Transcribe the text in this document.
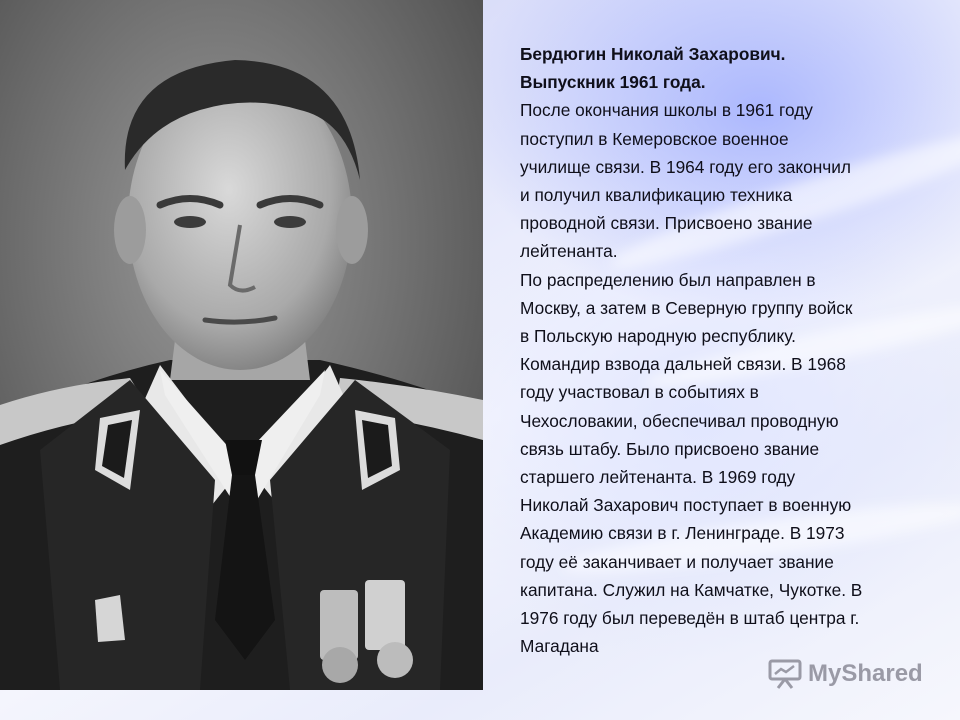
Бердюгин Николай Захарович.
Выпускник 1961 года.
После окончания школы в 1961 году
поступил в Кемеровское военное
училище связи. В 1964 году его закончил
и получил квалификацию техника
проводной связи. Присвоено звание
лейтенанта.
По распределению был направлен в
Москву, а затем в Северную группу войск
в Польскую народную республику.
Командир взвода дальней связи. В 1968
году участвовал в событиях в
Чехословакии, обеспечивал проводную
связь штабу. Было присвоено звание
старшего лейтенанта. В 1969 году
Николай Захарович поступает в военную
Академию связи в г. Ленинграде. В 1973
году её заканчивает и получает звание
капитана. Служил на Камчатке, Чукотке. В
1976 году был переведён в штаб центра г.
Магадана
MyShared
